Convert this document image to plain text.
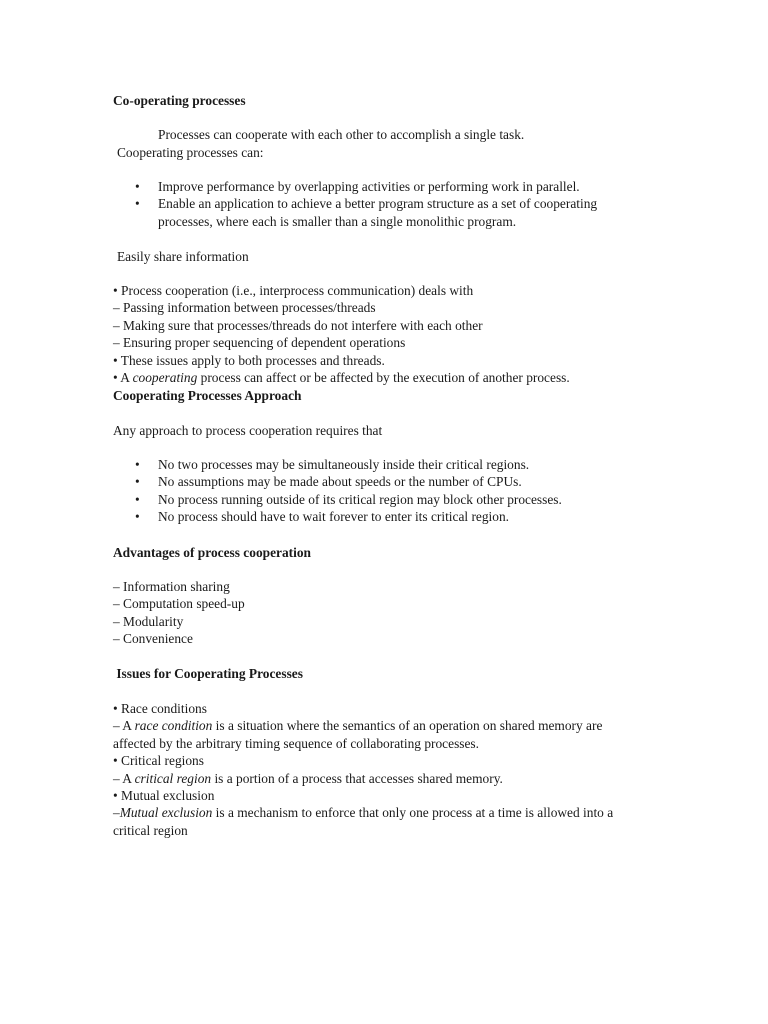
Co-operating processes
Processes can cooperate with each other to accomplish a single task.
Cooperating processes can:
• Improve performance by overlapping activities or performing work in parallel.
• Enable an application to achieve a better program structure as a set of cooperating processes, where each is smaller than a single monolithic program.
Easily share information
• Process cooperation (i.e., interprocess communication) deals with
– Passing information between processes/threads
– Making sure that processes/threads do not interfere with each other
– Ensuring proper sequencing of dependent operations
• These issues apply to both processes and threads.
• A cooperating process can affect or be affected by the execution of another process.
Cooperating Processes Approach
Any approach to process cooperation requires that
• No two processes may be simultaneously inside their critical regions.
• No assumptions may be made about speeds or the number of CPUs.
• No process running outside of its critical region may block other processes.
• No process should have to wait forever to enter its critical region.
Advantages of process cooperation
– Information sharing
– Computation speed-up
– Modularity
– Convenience
Issues for Cooperating Processes
• Race conditions
– A race condition is a situation where the semantics of an operation on shared memory are affected by the arbitrary timing sequence of collaborating processes.
• Critical regions
– A critical region is a portion of a process that accesses shared memory.
• Mutual exclusion
–Mutual exclusion is a mechanism to enforce that only one process at a time is allowed into a critical region
